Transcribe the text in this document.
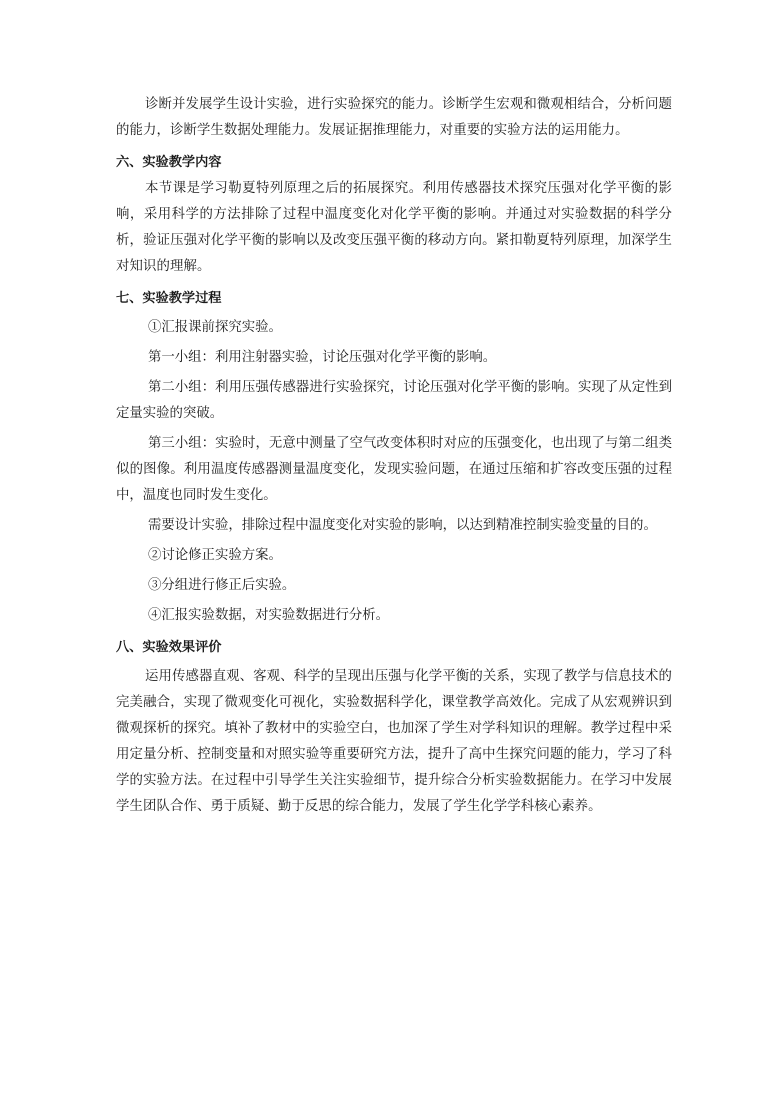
诊断并发展学生设计实验，进行实验探究的能力。诊断学生宏观和微观相结合，分析问题的能力，诊断学生数据处理能力。发展证据推理能力，对重要的实验方法的运用能力。

六、实验教学内容

本节课是学习勒夏特列原理之后的拓展探究。利用传感器技术探究压强对化学平衡的影响，采用科学的方法排除了过程中温度变化对化学平衡的影响。并通过对实验数据的科学分析，验证压强对化学平衡的影响以及改变压强平衡的移动方向。紧扣勒夏特列原理，加深学生对知识的理解。

七、实验教学过程

①汇报课前探究实验。

第一小组：利用注射器实验，讨论压强对化学平衡的影响。

第二小组：利用压强传感器进行实验探究，讨论压强对化学平衡的影响。实现了从定性到定量实验的突破。

第三小组：实验时，无意中测量了空气改变体积时对应的压强变化，也出现了与第二组类似的图像。利用温度传感器测量温度变化，发现实验问题，在通过压缩和扩容改变压强的过程中，温度也同时发生变化。

需要设计实验，排除过程中温度变化对实验的影响，以达到精准控制实验变量的目的。

②讨论修正实验方案。

③分组进行修正后实验。

④汇报实验数据，对实验数据进行分析。

八、实验效果评价

运用传感器直观、客观、科学的呈现出压强与化学平衡的关系，实现了教学与信息技术的完美融合，实现了微观变化可视化，实验数据科学化，课堂教学高效化。完成了从宏观辨识到微观探析的探究。填补了教材中的实验空白，也加深了学生对学科知识的理解。教学过程中采用定量分析、控制变量和对照实验等重要研究方法，提升了高中生探究问题的能力，学习了科学的实验方法。在过程中引导学生关注实验细节，提升综合分析实验数据能力。在学习中发展学生团队合作、勇于质疑、勤于反思的综合能力，发展了学生化学学科核心素养。
